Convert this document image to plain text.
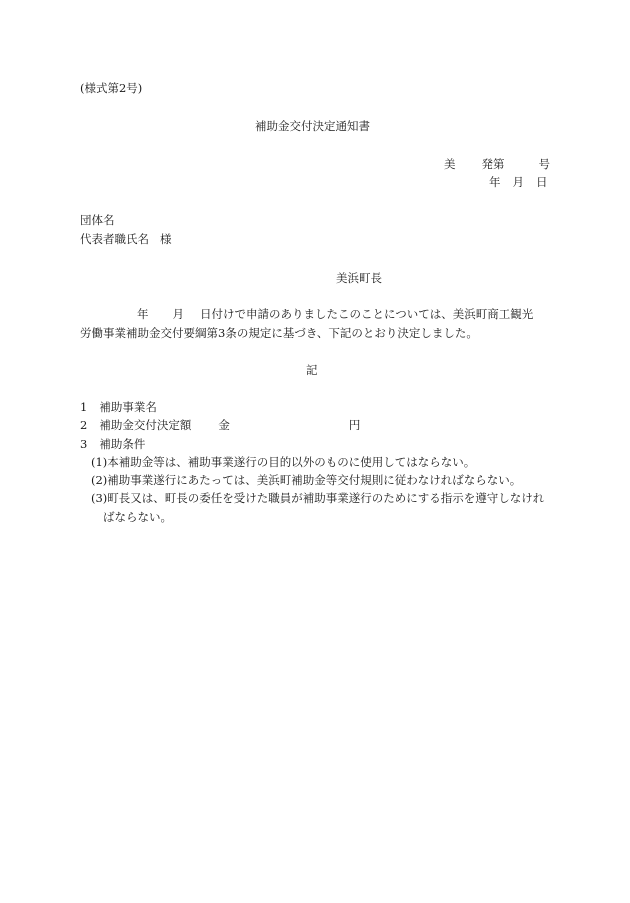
(様式第2号)
補助金交付決定通知書
美 発第	号
年 月 日
団体名
代表者職氏名 様
美浜町長
年 月 日付けで申請のありましたこのことについては、美浜町商工観光
労働事業補助金交付要綱第3条の規定に基づき、下記のとおり決定しました。
記
1 補助事業名
2 補助金交付決定額 金	円
3 補助条件
(1)本補助金等は、補助事業遂行の目的以外のものに使用してはならない。
(2)補助事業遂行にあたっては、美浜町補助金等交付規則に従わなければならない。
(3)町長又は、町長の委任を受けた職員が補助事業遂行のためにする指示を遵守しなけれ
ばならない。
